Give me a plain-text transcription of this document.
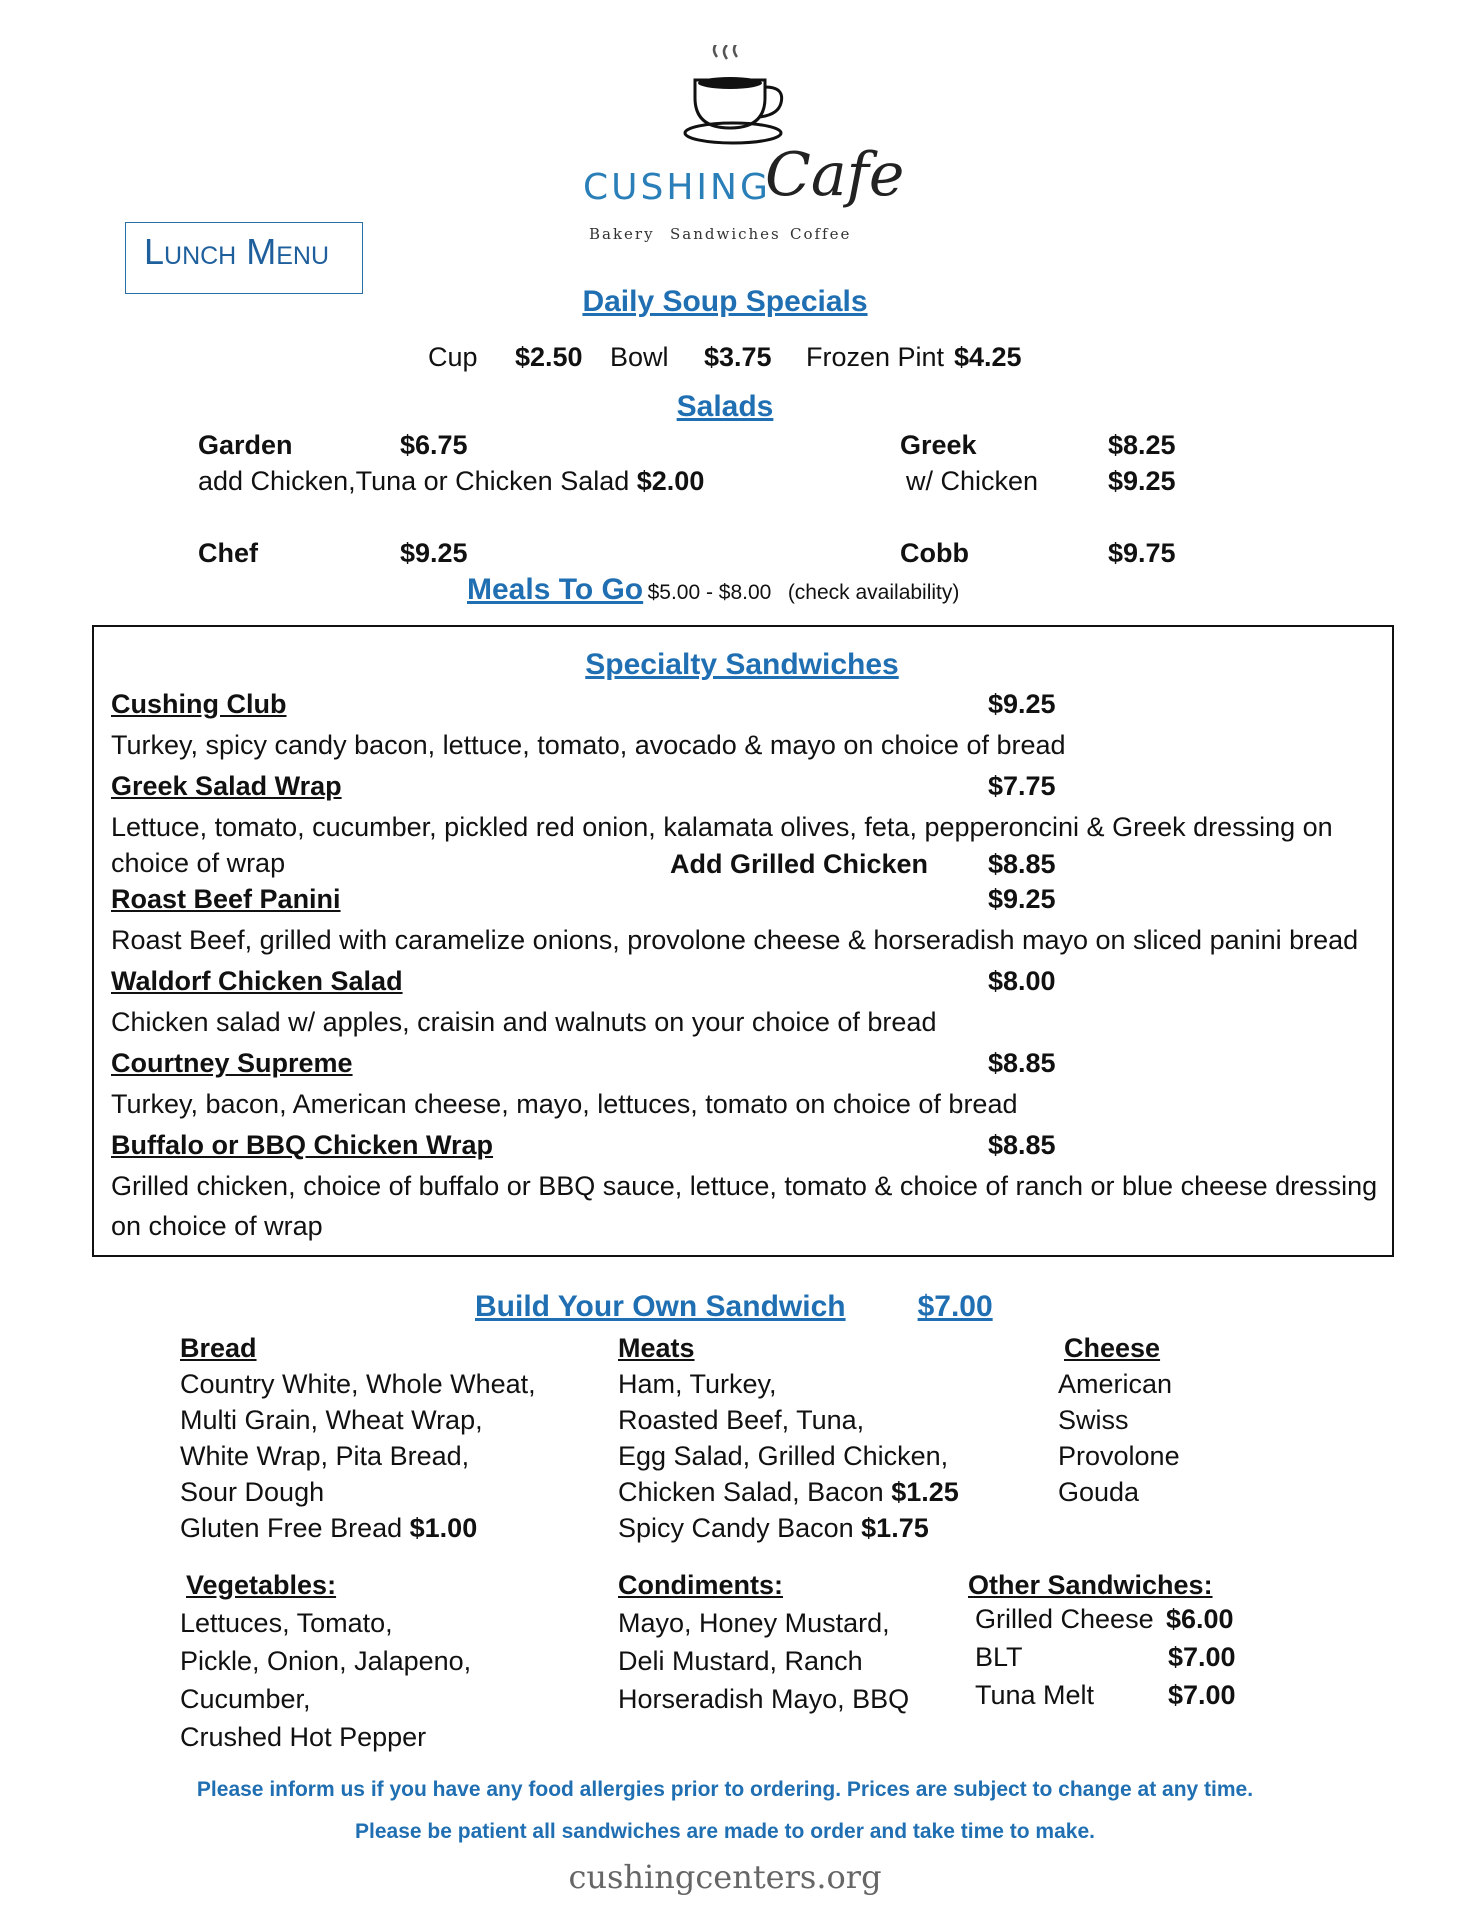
CUSHING
Cafe
Bakery Sandwiches Coffee
Lunch Menu
Daily Soup Specials
Cup $2.50 Bowl $3.75 Frozen Pint $4.25
Salads
Garden	$6.75
add Chicken,Tuna or Chicken Salad $2.00
Greek	$8.25
w/ Chicken	$9.25
Chef	$9.25	Cobb	$9.75
Meals To Go $5.00 - $8.00 (check availability)
Specialty Sandwiches
Cushing Club	$9.25
Turkey, spicy candy bacon, lettuce, tomato, avocado & mayo on choice of bread
Greek Salad Wrap	$7.75
Lettuce, tomato, cucumber, pickled red onion, kalamata olives, feta, pepperoncini & Greek dressing on
choice of wrap	Add Grilled Chicken $8.85
Roast Beef Panini	$9.25
Roast Beef, grilled with caramelize onions, provolone cheese & horseradish mayo on sliced panini bread
Waldorf Chicken Salad	$8.00
Chicken salad w/ apples, craisin and walnuts on your choice of bread
Courtney Supreme	$8.85
Turkey, bacon, American cheese, mayo, lettuces, tomato on choice of bread
Buffalo or BBQ Chicken Wrap	$8.85
Grilled chicken, choice of buffalo or BBQ sauce, lettuce, tomato & choice of ranch or blue cheese dressing
on choice of wrap
Build Your Own Sandwich $7.00
Bread
Country White, Whole Wheat,
Multi Grain, Wheat Wrap,
White Wrap, Pita Bread,
Sour Dough
Gluten Free Bread $1.00
Meats
Ham, Turkey,
Roasted Beef, Tuna,
Egg Salad, Grilled Chicken,
Chicken Salad, Bacon $1.25
Spicy Candy Bacon $1.75
Cheese
American
Swiss
Provolone
Gouda
Vegetables:
Lettuces, Tomato,
Pickle, Onion, Jalapeno,
Cucumber,
Crushed Hot Pepper
Condiments:
Mayo, Honey Mustard,
Deli Mustard, Ranch
Horseradish Mayo, BBQ
Other Sandwiches:
Grilled Cheese $6.00
BLT	$7.00
Tuna Melt	$7.00
Please inform us if you have any food allergies prior to ordering. Prices are subject to change at any time.
Please be patient all sandwiches are made to order and take time to make.
cushingcenters.org
